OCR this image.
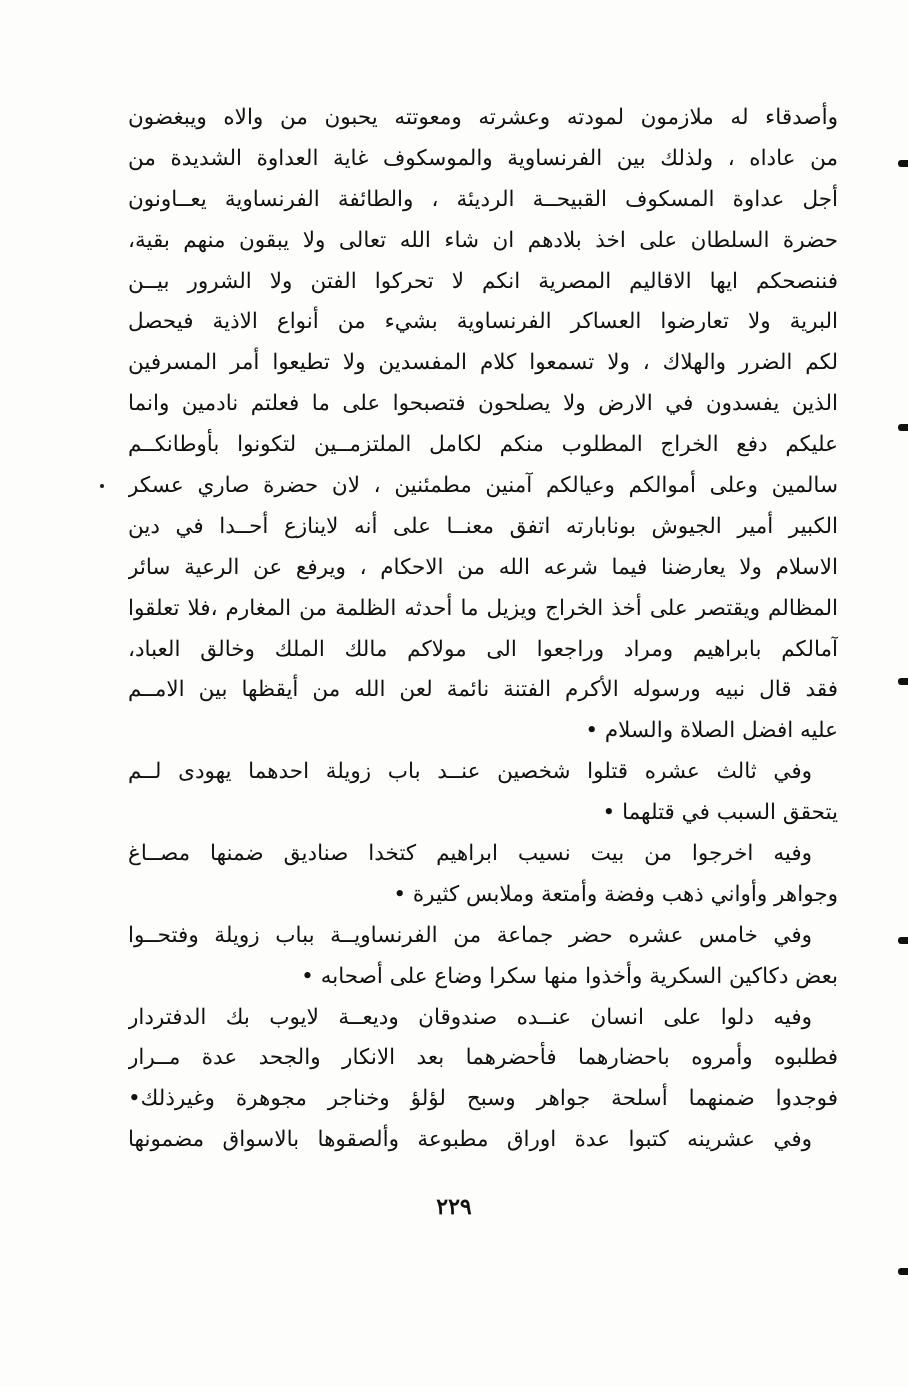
وأصدقاء له ملازمون لمودته وعشرته ومعوتته يحبون من والاه ويبغضون
من عاداه ، ولذلك بين الفرنساوية والموسكوف غاية العداوة الشديدة من
أجل عداوة المسكوف القبيحــة الرديئة ، والطائفة الفرنساوية يعــاونون
حضرة السلطان على اخذ بلادهم ان شاء الله تعالى ولا يبقون منهم بقية،
فننصحكم ايها الاقاليم المصرية انكم لا تحركوا الفتن ولا الشرور بيــن
البرية ولا تعارضوا العساكر الفرنساوية بشيء من أنواع الاذية فيحصل
لكم الضرر والهلاك ، ولا تسمعوا كلام المفسدين ولا تطيعوا أمر المسرفين
الذين يفسدون في الارض ولا يصلحون فتصبحوا على ما فعلتم نادمين وانما
عليكم دفع الخراج المطلوب منكم لكامل الملتزمــين لتكونوا بأوطانكــم
سالمين وعلى أموالكم وعيالكم آمنين مطمئنين ، لان حضرة صاري عسكر
الكبير أمير الجيوش بونابارته اتفق معنــا على أنه لاينازع أحــدا في دين
الاسلام ولا يعارضنا فيما شرعه الله من الاحكام ، ويرفع عن الرعية سائر
المظالم ويقتصر على أخذ الخراج ويزيل ما أحدثه الظلمة من المغارم ،فلا تعلقوا
آمالكم بابراهيم ومراد وراجعوا الى مولاكم مالك الملك وخالق العباد،
فقد قال نبيه ورسوله الأكرم الفتنة نائمة لعن الله من أيقظها بين الامــم
عليه افضل الصلاة والسلام •
وفي ثالث عشره قتلوا شخصين عنــد باب زويلة احدهما يهودى لــم
يتحقق السبب في قتلهما •
وفيه اخرجوا من بيت نسيب ابراهيم كتخدا صناديق ضمنها مصــاغ
وجواهر وأواني ذهب وفضة وأمتعة وملابس كثيرة •
وفي خامس عشره حضر جماعة من الفرنساويــة بباب زويلة وفتحــوا
بعض دكاكين السكرية وأخذوا منها سكرا وضاع على أصحابه •
وفيه دلوا على انسان عنــده صندوقان وديعــة لايوب بك الدفتردار
فطلبوه وأمروه باحضارهما فأحضرهما بعد الانكار والجحد عدة مــرار
فوجدوا ضمنهما أسلحة جواهر وسبح لؤلؤ وخناجر مجوهرة وغيرذلك•
وفي عشرينه كتبوا عدة اوراق مطبوعة وألصقوها بالاسواق مضمونها
٢٢٩
